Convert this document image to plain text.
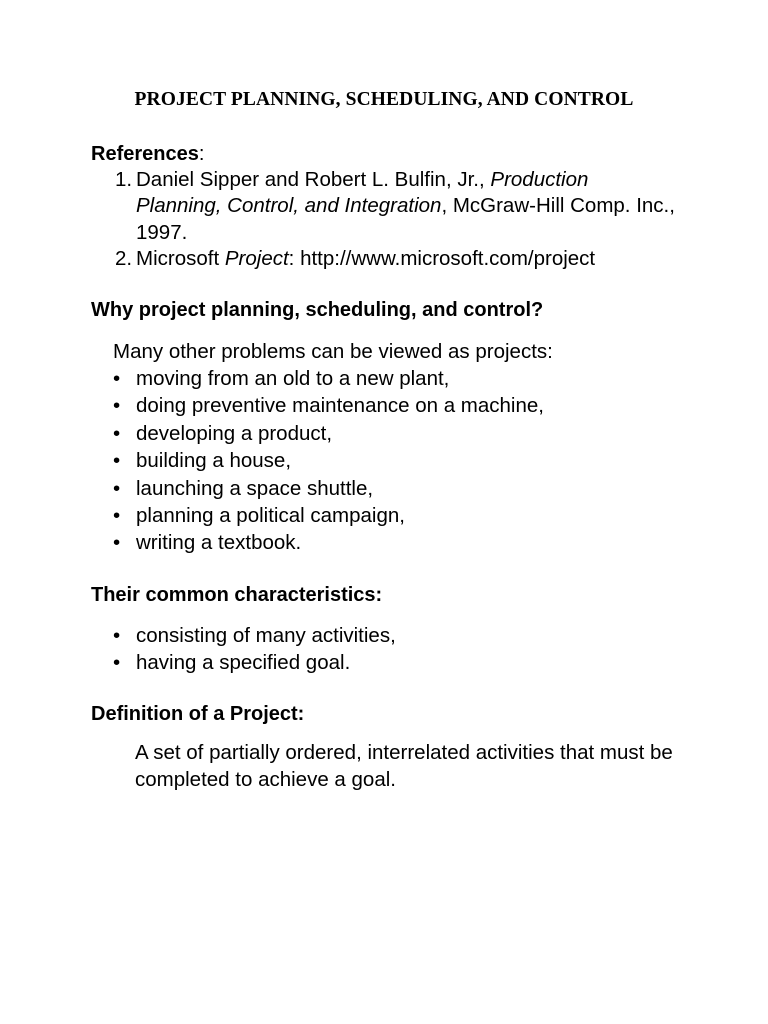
PROJECT PLANNING, SCHEDULING, AND CONTROL
References:
1. Daniel Sipper and Robert L. Bulfin, Jr., Production Planning, Control, and Integration, McGraw-Hill Comp. Inc., 1997.
2. Microsoft Project: http://www.microsoft.com/project
Why project planning, scheduling, and control?
Many other problems can be viewed as projects:
• moving from an old to a new plant,
• doing preventive maintenance on a machine,
• developing a product,
• building a house,
• launching a space shuttle,
• planning a political campaign,
• writing a textbook.
Their common characteristics:
• consisting of many activities,
• having a specified goal.
Definition of a Project:
A set of partially ordered, interrelated activities that must be completed to achieve a goal.
